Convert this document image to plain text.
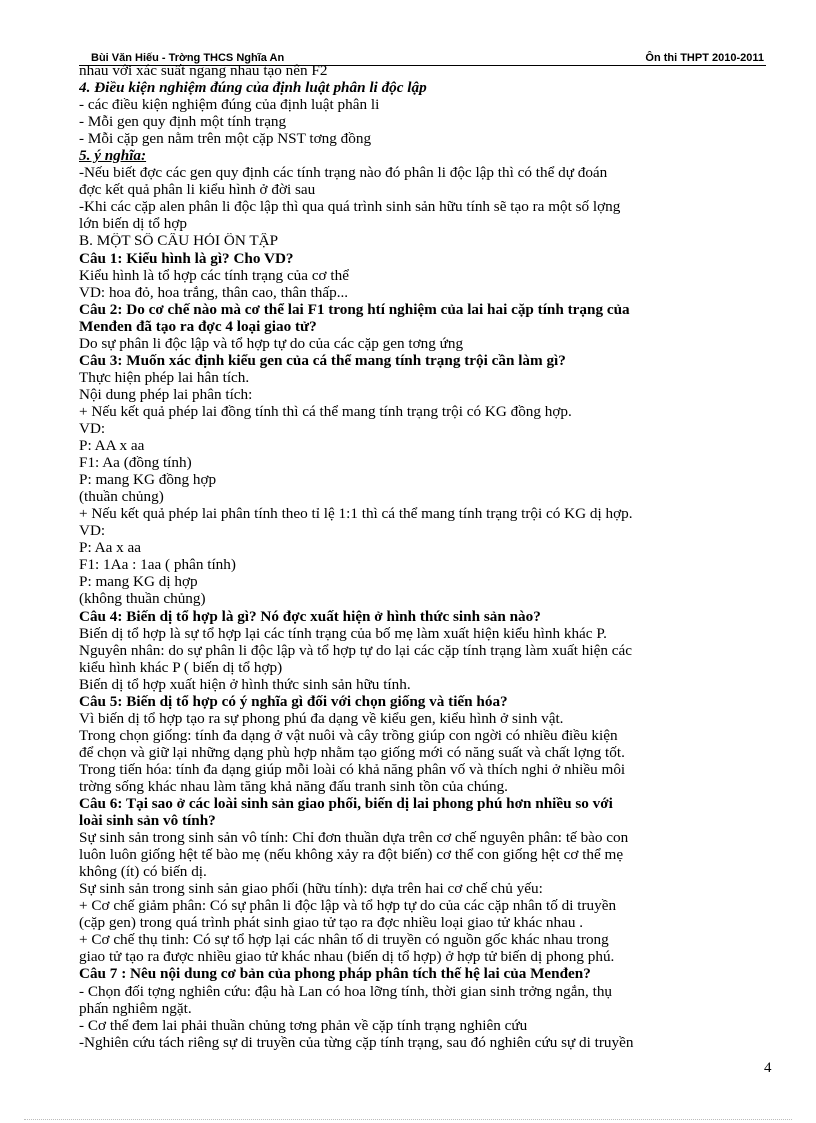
Bùi Văn Hiếu - Trờng THCS Nghĩa An	Ôn thi THPT 2010-2011
nhau với xác suất ngang nhau tạo nên F2
4. Điều kiện nghiệm đúng của định luật phân li độc lập
- các điều kiện nghiệm đúng của định luật phân li
- Mỗi gen quy định một tính trạng
- Mỗi cặp gen nằm trên một cặp NST tơng đồng
5. ý nghĩa:
-Nếu biết đợc các gen quy định các tính trạng nào đó phân li độc lập thì có thể dự đoán
đợc kết quả phân li kiểu hình ở đời sau
-Khi các cặp alen phân li độc lập thì qua quá trình sinh sản hữu tính sẽ tạo ra một số lợng
lớn biến dị tổ hợp
B. MỘT SỐ CÂU HỎI ÔN TẬP
Câu 1: Kiểu hình là gì? Cho VD?
Kiểu hình là tổ hợp các tính trạng của cơ thể
VD: hoa đỏ, hoa trắng, thân cao, thân thấp...
Câu 2: Do cơ chế nào mà cơ thể lai F1 trong htí nghiệm của lai hai cặp tính trạng của
Menđen đã tạo ra đợc 4 loại giao tử?
Do sự phân li độc lập và tổ hợp tự do của các cặp gen tơng ứng
Câu 3: Muốn xác định kiểu gen của cá thể mang tính trạng trội cần làm gì?
Thực hiện phép lai hân tích.
Nội dung phép lai phân tích:
+ Nếu kết quả phép lai đồng tính thì cá thể mang tính trạng trội có KG đồng hợp.
VD:
P: AA x aa
F1: Aa (đồng tính)
P: mang KG đồng hợp
(thuần chủng)
+ Nếu kết quả phép lai phân tính theo tỉ lệ 1:1 thì cá thể mang tính trạng trội có KG dị hợp.
VD:
P: Aa x aa
F1: 1Aa : 1aa ( phân tính)
P: mang KG dị hợp
(không thuần chủng)
Câu 4: Biến dị tổ hợp là gì? Nó đợc xuất hiện ở hình thức sinh sản nào?
Biến dị tổ hợp là sự tổ hợp lại các tính trạng của bố mẹ làm xuất hiện kiểu hình khác P.
Nguyên nhân: do sự phân li độc lập và tổ hợp tự do lại các cặp tính trạng làm xuất hiện các
kiểu hình khác P ( biến dị tổ hợp)
Biến dị tổ hợp xuất hiện ở hình thức sinh sản hữu tính.
Câu 5: Biến dị tổ hợp có ý nghĩa gì đối với chọn giống và tiến hóa?
Vì biến dị tổ hợp tạo ra sự phong phú đa dạng về kiểu gen, kiểu hình ở sinh vật.
Trong chọn giống: tính đa dạng ở vật nuôi và cây trồng giúp con ngời có nhiều điều kiện
để chọn và giữ lại những dạng phù hợp nhằm tạo giống mới có năng suất và chất lợng tốt.
Trong tiến hóa: tính đa dạng giúp mỗi loài có khả năng phân vố và thích nghi ở nhiều môi
trờng sống khác nhau làm tăng khả năng đấu tranh sinh tồn của chúng.
Câu 6: Tại sao ở các loài sinh sản giao phối, biến dị lai phong phú hơn nhiều so với
loài sinh sản vô tính?
Sự sinh sản trong sinh sản vô tính: Chỉ đơn thuần dựa trên cơ chế nguyên phân: tế bào con
luôn luôn giống hệt tế bào mẹ (nếu không xảy ra đột biến) cơ thể con giống hệt cơ thể mẹ
không (ít) có biến dị.
Sự sinh sản trong sinh sản giao phối (hữu tính): dựa trên hai cơ chế chủ yếu:
+ Cơ chế giảm phân: Có sự phân li độc lập và tổ hợp tự do của các cặp nhân tố di truyền
(cặp gen) trong quá trình phát sinh giao tử tạo ra đợc nhiều loại giao tử khác nhau .
+ Cơ chế thụ tinh: Có sự tổ hợp lại các nhân tố di truyền có nguồn gốc khác nhau trong
giao tử tạo ra được nhiều giao tử khác nhau (biến dị tổ hợp) ở hợp tử biến dị phong phú.
Câu 7 : Nêu nội dung cơ bản của phong pháp phân tích thế hệ lai của Menđen?
- Chọn đối tợng nghiên cứu: đậu hà Lan có hoa lỡng tính, thời gian sinh trởng ngắn, thụ
phấn nghiêm ngặt.
- Cơ thể đem lai phải thuần chủng tơng phản về cặp tính trạng nghiên cứu
-Nghiên cứu tách riêng sự di truyền của từng cặp tính trạng, sau đó nghiên cứu sự di truyền
4
